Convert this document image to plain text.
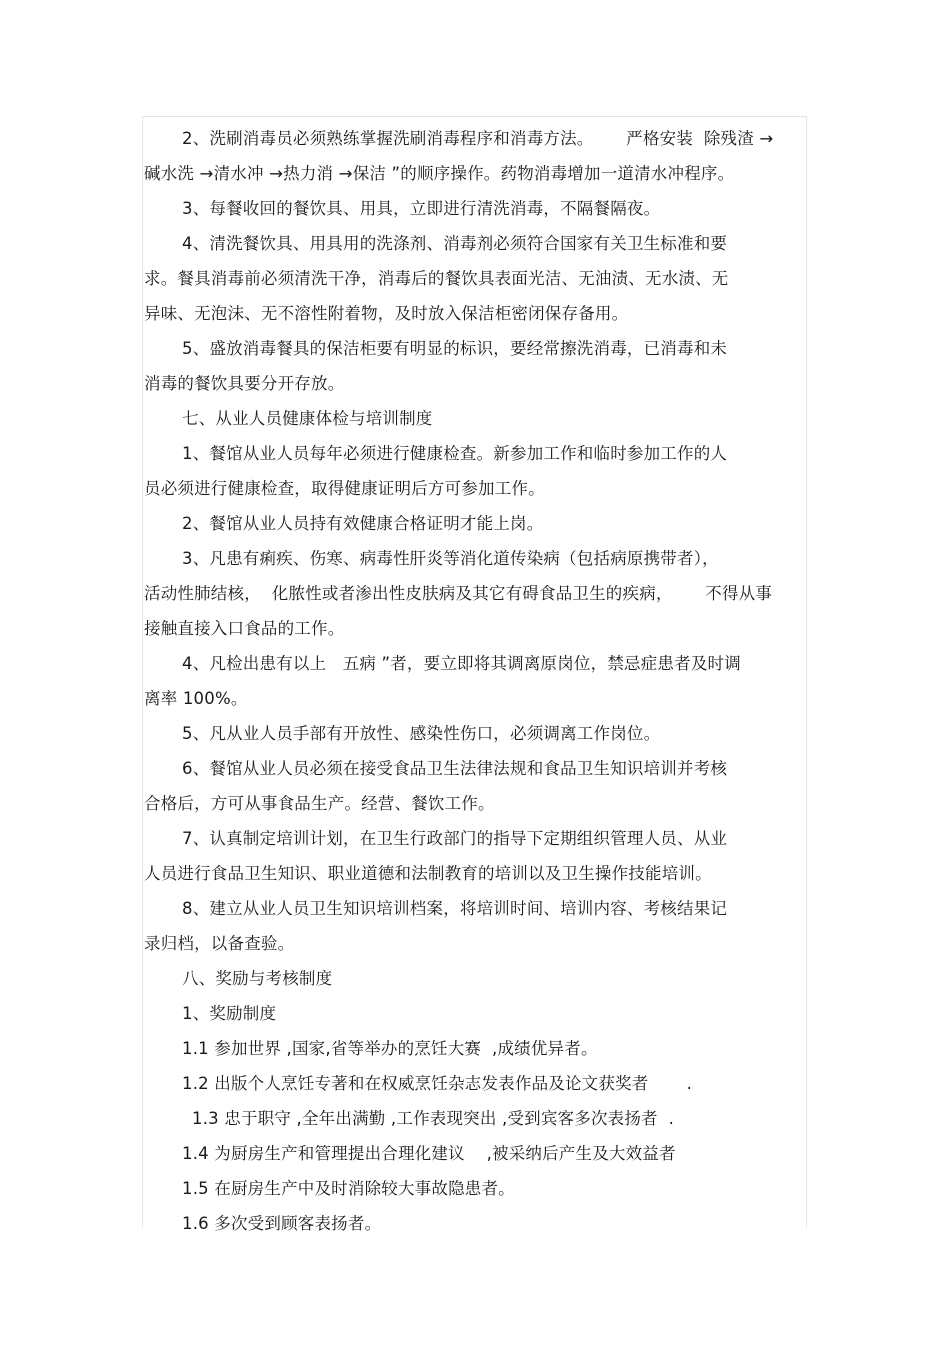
2、洗刷消毒员必须熟练掌握洗刷消毒程序和消毒方法。      严格安装  除残渣 →
碱水洗 →清水冲 →热力消 →保洁 ”的顺序操作。药物消毒增加一道清水冲程序。
3、每餐收回的餐饮具、用具，立即进行清洗消毒，不隔餐隔夜。
4、清洗餐饮具、用具用的洗涤剂、消毒剂必须符合国家有关卫生标准和要
求。餐具消毒前必须清洗干净，消毒后的餐饮具表面光洁、无油渍、无水渍、无
异味、无泡沫、无不溶性附着物，及时放入保洁柜密闭保存备用。
5、盛放消毒餐具的保洁柜要有明显的标识，要经常擦洗消毒，已消毒和未
消毒的餐饮具要分开存放。
七、从业人员健康体检与培训制度
1、餐馆从业人员每年必须进行健康检查。新参加工作和临时参加工作的人
员必须进行健康检查，取得健康证明后方可参加工作。
2、餐馆从业人员持有效健康合格证明才能上岗。
3、凡患有痢疾、伤寒、病毒性肝炎等消化道传染病（包括病原携带者），
活动性肺结核，  化脓性或者渗出性皮肤病及其它有碍食品卫生的疾病，      不得从事
接触直接入口食品的工作。
4、凡检出患有以上   五病 ”者，要立即将其调离原岗位，禁忌症患者及时调
离率 100%。
5、凡从业人员手部有开放性、感染性伤口，必须调离工作岗位。
6、餐馆从业人员必须在接受食品卫生法律法规和食品卫生知识培训并考核
合格后，方可从事食品生产。经营、餐饮工作。
7、认真制定培训计划，在卫生行政部门的指导下定期组织管理人员、从业
人员进行食品卫生知识、职业道德和法制教育的培训以及卫生操作技能培训。
8、建立从业人员卫生知识培训档案，将培训时间、培训内容、考核结果记
录归档，以备查验。
八、奖励与考核制度
1、奖励制度
1.1 参加世界 ,国家,省等举办的烹饪大赛  ,成绩优异者。
1.2 出版个人烹饪专著和在权威烹饪杂志发表作品及论文获奖者       .
1.3 忠于职守 ,全年出满勤 ,工作表现突出 ,受到宾客多次表扬者  .
1.4 为厨房生产和管理提出合理化建议    ,被采纳后产生及大效益者
1.5 在厨房生产中及时消除较大事故隐患者。
1.6 多次受到顾客表扬者。
